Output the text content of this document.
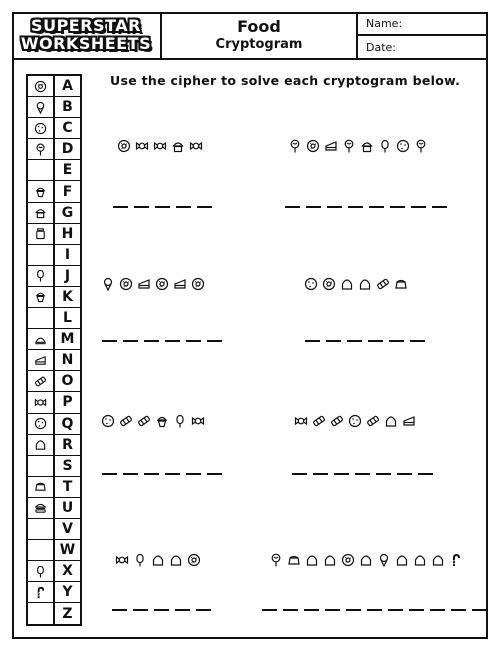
SUPERSTAR
WORKSHEETS
Food
Cryptogram
Name:
Date:
A
B
C
D
E
F
G
H
I
J
K
L
M
N
O
P
Q
R
S
T
U
V
W
X
Y
Z
Use the cipher to solve each cryptogram below.
